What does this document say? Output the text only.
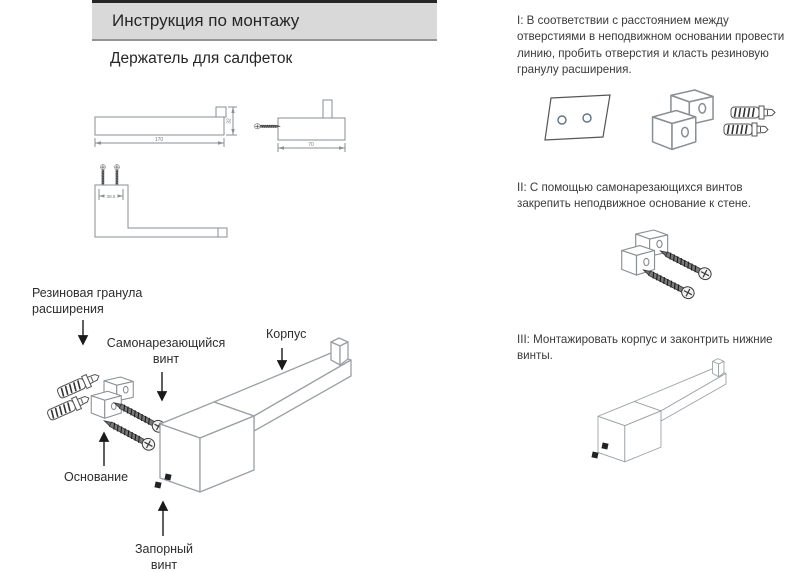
Инструкция по монтажу
Держатель для салфеток
170
32
70
38.5
Резиновая гранула расширения
Самонарезающийся винт
Корпус
Основание
Запорный винт
I: В соответствии с расстоянием между отверстиями в неподвижном основании провести линию, пробить отверстия и класть резиновую гранулу расширения.
II: С помощью самонарезающихся винтов закрепить неподвижное основание к стене.
III: Монтажировать корпус и законтрить нижние винты.
